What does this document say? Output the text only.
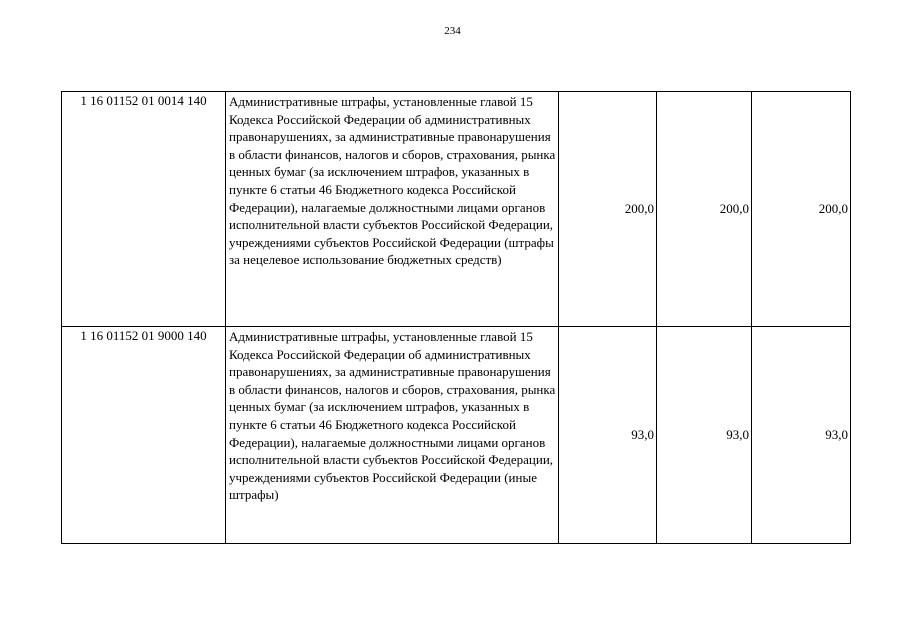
234
1 16 01152 01 0014 140	Административные штрафы, установленные главой 15 Кодекса Российской Федерации об административных правонарушениях, за административные правонарушения в области финансов, налогов и сборов, страхования, рынка ценных бумаг (за исключением штрафов, указанных в пункте 6 статьи 46 Бюджетного кодекса Российской Федерации), налагаемые должностными лицами органов исполнительной власти субъектов Российской Федерации, учреждениями субъектов Российской Федерации (штрафы за нецелевое использование бюджетных средств)	200,0	200,0	200,0
1 16 01152 01 9000 140	Административные штрафы, установленные главой 15 Кодекса Российской Федерации об административных правонарушениях, за административные правонарушения в области финансов, налогов и сборов, страхования, рынка ценных бумаг (за исключением штрафов, указанных в пункте 6 статьи 46 Бюджетного кодекса Российской Федерации), налагаемые должностными лицами органов исполнительной власти субъектов Российской Федерации, учреждениями субъектов Российской Федерации (иные штрафы)	93,0	93,0	93,0
